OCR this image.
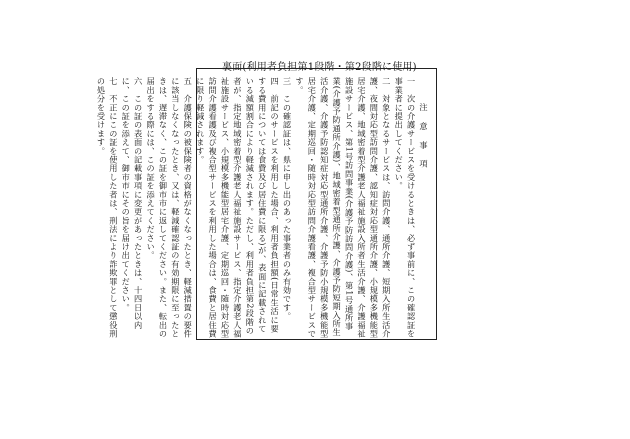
裏面(利用者負担第1段階・第2段階に使用)

注 意 事 項

一　次の介護サービスを受けるときは、必ず事前に、この確認証を事業者に提出してください。

二　対象となるサービスは、訪問介護、通所介護、短期入所生活介護、夜間対応型訪問介護、認知症対応型通所介護、小規模多機能型居宅介護、地域密着型介護老人福祉施設入所者生活介護、介護福祉施設サービス、第1号訪問事業(介護予防訪問介護)、第1号通所事業(介護予防通所介護)、地域密着型通所介護、介護予防短期入所生活介護、介護予防認知症対応型通所介護、介護予防小規模多機能型居宅介護、定期巡回・随時対応型訪問介護看護、複合型サービスです。

三　この確認証は、県に申し出のあった事業者のみ有効です。

四　前記のサービスを利用した場合、利用者負担額(日常生活に要する費用については食費及び居住費に限る)が、表面に記載されている減額割合により軽減されます。ただし、利用者負担第2段階の者が、指定地域密着型介護老人福祉施設サービス、指定介護老人福祉施設サービス、小規模多機能型居宅介護、定期巡回・随時対応型訪問介護看護及び複合型サービスを利用した場合は、食費と居住費に限り軽減されます。

五　介護保険の被保険者の資格がなくなったとき、軽減措置の要件に該当しなくなったとき、又は、軽減確認証の有効期限に至ったときは、遅滞なく、この証を御市市に返してください。また、転出の届出をする際には、この証を添えてください。

六　この証の表面の記載事項に変更があったときは、十四日以内に、この証を添えて、御市市にその旨を届け出てください。

七　不正にこの証を使用した者は、刑法により詐欺罪として懲役刑の処分を受けます。
